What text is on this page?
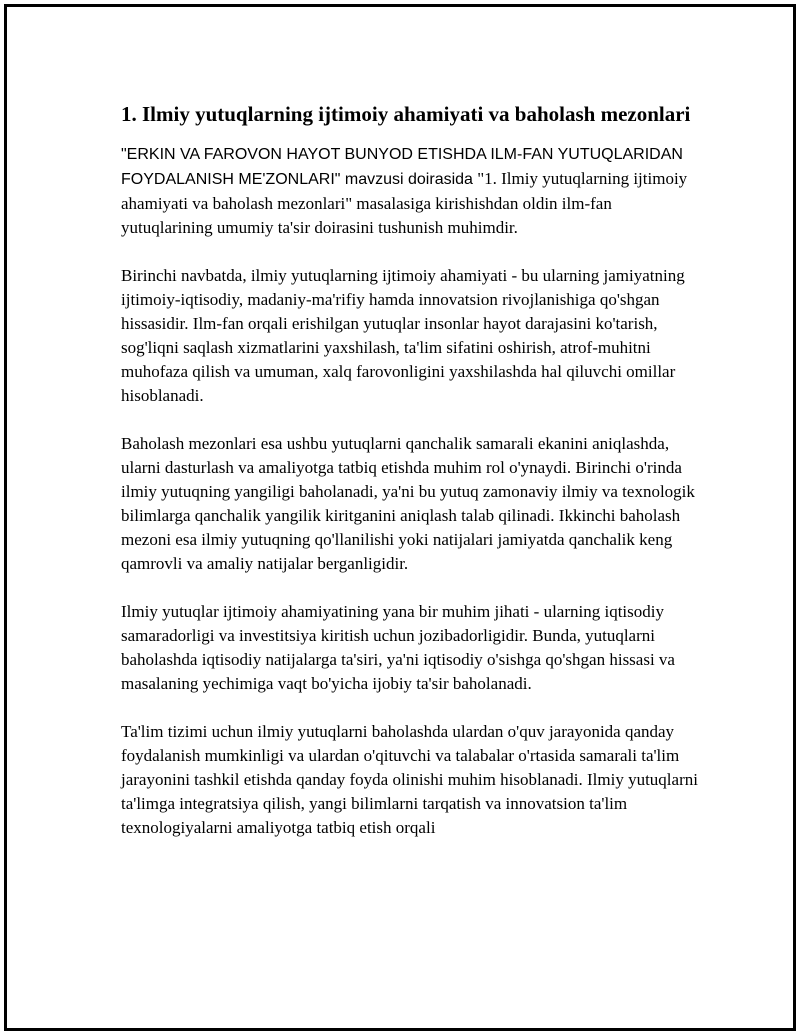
1. Ilmiy yutuqlarning ijtimoiy ahamiyati va baholash mezonlari

"ERKIN VA FAROVON HAYOT BUNYOD ETISHDA ILM-FAN YUTUQLARIDAN FOYDALANISH ME'ZONLARI" mavzusi doirasida "1. Ilmiy yutuqlarning ijtimoiy ahamiyati va baholash mezonlari" masalasiga kirishishdan oldin ilm-fan yutuqlarining umumiy ta'sir doirasini tushunish muhimdir.

Birinchi navbatda, ilmiy yutuqlarning ijtimoiy ahamiyati - bu ularning jamiyatning ijtimoiy-iqtisodiy, madaniy-ma'rifiy hamda innovatsion rivojlanishiga qo'shgan hissasidir. Ilm-fan orqali erishilgan yutuqlar insonlar hayot darajasini ko'tarish, sog'liqni saqlash xizmatlarini yaxshilash, ta'lim sifatini oshirish, atrof-muhitni muhofaza qilish va umuman, xalq farovonligini yaxshilashda hal qiluvchi omillar hisoblanadi.

Baholash mezonlari esa ushbu yutuqlarni qanchalik samarali ekanini aniqlashda, ularni dasturlash va amaliyotga tatbiq etishda muhim rol o'ynaydi. Birinchi o'rinda ilmiy yutuqning yangiligi baholanadi, ya'ni bu yutuq zamonaviy ilmiy va texnologik bilimlarga qanchalik yangilik kiritganini aniqlash talab qilinadi. Ikkinchi baholash mezoni esa ilmiy yutuqning qo'llanilishi yoki natijalari jamiyatda qanchalik keng qamrovli va amaliy natijalar berganligidir.

Ilmiy yutuqlar ijtimoiy ahamiyatining yana bir muhim jihati - ularning iqtisodiy samaradorligi va investitsiya kiritish uchun jozibadorligidir. Bunda, yutuqlarni baholashda iqtisodiy natijalarga ta'siri, ya'ni iqtisodiy o'sishga qo'shgan hissasi va masalaning yechimiga vaqt bo'yicha ijobiy ta'sir baholanadi.

Ta'lim tizimi uchun ilmiy yutuqlarni baholashda ulardan o'quv jarayonida qanday foydalanish mumkinligi va ulardan o'qituvchi va talabalar o'rtasida samarali ta'lim jarayonini tashkil etishda qanday foyda olinishi muhim hisoblanadi. Ilmiy yutuqlarni ta'limga integratsiya qilish, yangi bilimlarni tarqatish va innovatsion ta'lim texnologiyalarni amaliyotga tatbiq etish orqali
